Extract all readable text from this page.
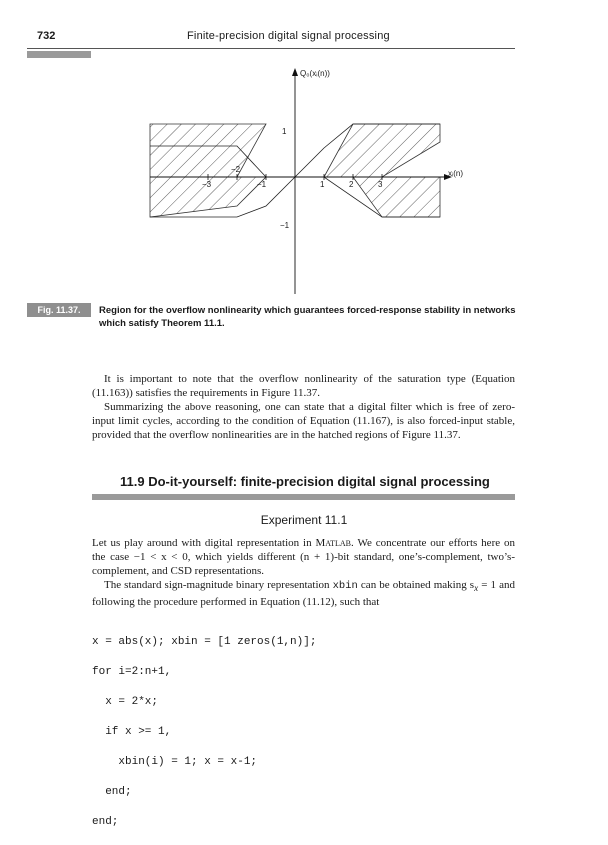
732	Finite-precision digital signal processing
Q₀(xᵢ(n))
xᵢ(n)
−3
−2
−1	1	2	3
1
−1
Fig. 11.37.	Region for the overflow nonlinearity which guarantees forced-response stability in networks which satisfy Theorem 11.1.
It is important to note that the overflow nonlinearity of the saturation type (Equation (11.163)) satisfies the requirements in Figure 11.37.
Summarizing the above reasoning, one can state that a digital filter which is free of zero-input limit cycles, according to the condition of Equation (11.167), is also forced-input stable, provided that the overflow nonlinearities are in the hatched regions of Figure 11.37.
11.9 Do-it-yourself: finite-precision digital signal processing
Experiment 11.1
Let us play around with digital representation in Matlab. We concentrate our efforts here on the case −1 < x < 0, which yields different (n + 1)-bit standard, one’s-complement, two’s-complement, and CSD representations.
The standard sign-magnitude binary representation xbin can be obtained making $s_x = 1$ and following the procedure performed in Equation (11.12), such that

x = abs(x); xbin = [1 zeros(1,n)];

for i=2:n+1,

x = 2*x;

if x >= 1,

xbin(i) = 1; x = x-1;

end;

end;
